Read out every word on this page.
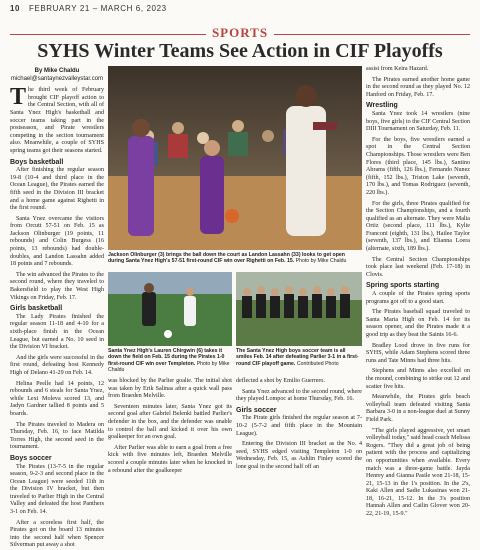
10 FEBRUARY 21 – MARCH 6, 2023
SPORTS
SYHS Winter Teams See Action in CIF Playoffs
By Mike Chaldu
michael@santaynezvalleystar.com

The third week of February brought CIF playoff action to the Central Section, with all of Santa Ynez High's basketball and soccer teams taking part in the postseason, and Pirate wrestlers competing in the section tournament also. Meanwhile, a couple of SYHS spring teams got their seasons started.

Boys basketball

After finishing the regular season 19-8 (10-4 and third place in the Ocean League), the Pirates earned the fifth seed in the Division III bracket and a home game against Righetti in the first round.

Santa Ynez overcame the visitors from Orcutt 57-51 on Feb. 15 as Jackson Olinburger (19 points, 11 rebounds) and Colin Burgess (16 points, 13 rebounds) had double-doubles, and Landon Lassahn added 18 points and 7 rebounds.

The win advanced the Pirates to the second round, where they traveled to Bakersfield to play the West High Vikings on Friday, Feb. 17.

Girls basketball

The Lady Pirates finished the regular season 11-18 and 4-10 for a sixth-place finish in the Ocean League, but earned a No. 10 seed in the Division VI bracket.

And the girls were successful in the first round, defeating host Kennedy High of Delano 41-29 on Feb. 14.

Helina Peelle had 14 points, 12 rebounds and 6 steals for Santa Ynez, while Lexi Moleva scored 13, and Jadyn Gardner tallied 8 points and 5 boards.

The Pirates traveled to Madera on Thursday, Feb. 16, to face Matilda Torres High, the second seed in the tournament.

Boys soccer

The Pirates (13-7-5 in the regular season, 9-2-3 and second place in the Ocean League) were seeded 11th in the Division IV bracket, but then traveled to Parlier High in the Central Valley and defeated the host Panthers 3-1 on Feb. 14.

After a scoreless first half, the Pirates got on the board 13 minutes into the second half when Spencer Silverman put away a shot

Jackson Olinburger (3) brings the ball down the court as Landon Lassahn (33) looks to get open during Santa Ynez High's 57-51 first-round CIF win over Righetti on Feb. 15. Photo by Mike Chaldu
Santa Ynez High's Lauren Chirgwin (6) takes it down the field on Feb. 15 during the Pirates 1-0 first-round CIF win over Templeton. Photo by Mike Chaldu
The Santa Ynez High boys soccer team is all smiles Feb. 14 after defeating Parlier 3-1 in a first-round CIF playoff game. Contributed Photo

was blocked by the Parlier goalie. The initial shot was taken by Erik Salinas after a quick wall pass from Braeden Melville.

Seventeen minutes later, Santa Ynez got its second goal after Gabriel Belenki battled Parlier's defender in the box, and the defender was unable to control the ball and kicked it over his own goalkeeper for an own goal.

After Parlier was able to earn a goal from a free kick with five minutes left, Braeden Melville scored a couple minutes later when he knocked in a rebound after the goalkeeper

deflected a shot by Emilio Guerrero.

Santa Ynez advanced to the second round, where they played Lompoc at home Thursday, Feb. 16.

Girls soccer

The Pirate girls finished the regular season at 7-10-2 (5-7-2 and fifth place in the Mountain League).

Entering the Division III bracket as the No. 4 seed, SYHS edged visiting Templeton 1-0 on Wednesday, Feb. 15, as Ashlin Finley scored the lone goal in the second half off an

assist from Keira Hazard.

The Pirates earned another home game in the second round as they played No. 12 Hanford on Friday, Feb. 17.

Wrestling

Santa Ynez took 14 wrestlers (nine boys, five girls) to the CIF Central Section DIII Tournament on Saturday, Feb. 11.

For the boys, five wrestlers earned a spot in the Central Section Championships. Those wrestlers were Ben Flores (third place, 145 lbs.), Santino Abrams (fifth, 126 lbs.), Fernando Nunez (fifth, 152 lbs.), Triston Lake (seventh, 170 lbs.), and Tomas Rodriguez (seventh, 220 lbs.).

For the girls, three Pirates qualified for the Section Championships, and a fourth qualified as an alternate. They were Malia Ortiz (second place, 111 lbs.), Kylie Franconi (eighth, 131 lbs.), Hailee Taylor (seventh, 137 lbs.), and Elianna Loera (alternate, sixth, 189 lbs.).

The Central Section Championships took place last weekend (Feb. 17-18) in Clovis.

Spring sports starting

A couple of the Pirates spring sports programs got off to a good start.

The Pirates baseball squad traveled to Santa Maria High on Feb. 14 for its season opener, and the Pirates made it a good trip as they beat the Saints 16-6.

Bradley Lood drove in five runs for SYHS, while Adam Stephens scored three runs and Tate Minns had three hits.

Stephens and Minns also excelled on the mound, combining to strike out 12 and scatter five hits.

Meanwhile, the Pirates girls beach volleyball team defeated visiting Santa Barbara 3-0 in a non-league duel at Sunny Field Park.

"The girls played aggressive, yet smart volleyball today," said head coach Melissa Rogers. "They did a great job of being patient with the process and capitalizing on opportunities when available. Every match was a three-game battle. Jayda Henrey and Gianna Pasile won 21-18, 15-21, 15-13 in the 1's position. In the 2's, Kaki Allen and Sadie Lukasinas won 21-18, 16-21, 15-12. In the 3's position Hannah Allen and Cailin Glover won 20-22, 21-19, 15-9."
